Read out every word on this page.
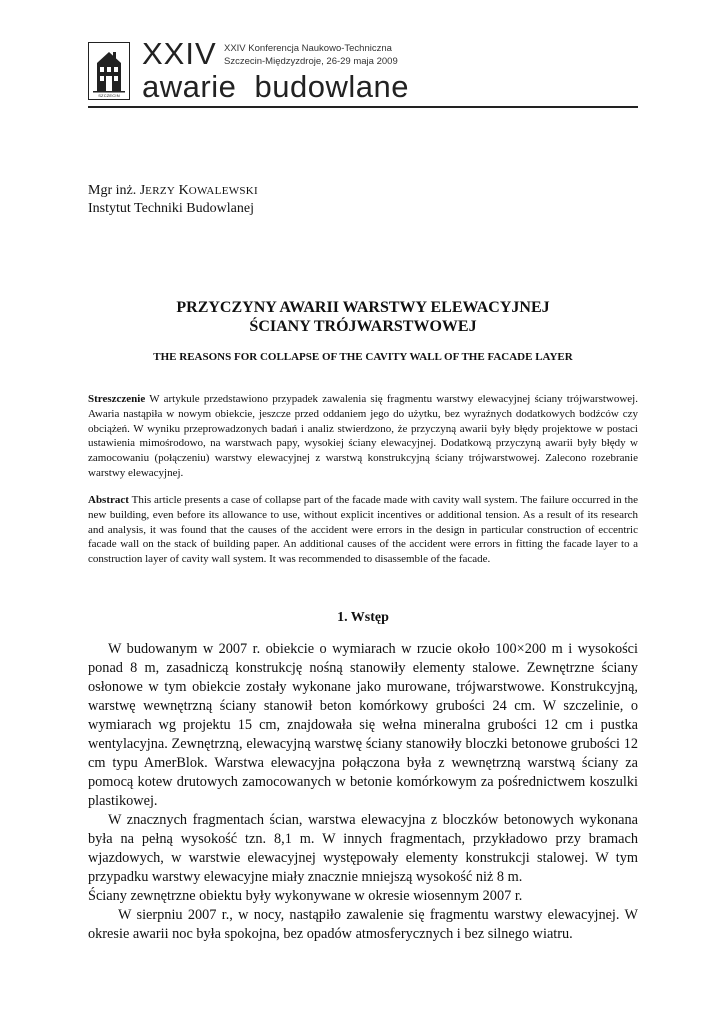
SZCZECIN
XXIV XXIV Konferencja Naukowo-Techniczna
Szczecin-Międzyzdroje, 26-29 maja 2009
awarie  budowlane
Mgr inż. JERZY KOWALEWSKI
Instytut Techniki Budowlanej
PRZYCZYNY AWARII WARSTWY ELEWACYJNEJ
ŚCIANY TRÓJWARSTWOWEJ
THE REASONS FOR COLLAPSE OF THE CAVITY WALL OF THE FACADE LAYER
Streszczenie W artykule przedstawiono przypadek zawalenia się fragmentu warstwy elewacyjnej ściany trójwarstwowej. Awaria nastąpiła w nowym obiekcie, jeszcze przed oddaniem jego do użytku, bez wyraźnych dodatkowych bodźców czy obciążeń. W wyniku przeprowadzonych badań i analiz stwierdzono, że przyczyną awarii były błędy projektowe w postaci ustawienia mimośrodowo, na warstwach papy, wysokiej ściany elewacyjnej. Dodatkową przyczyną awarii były błędy w zamocowaniu (połączeniu) warstwy elewacyjnej z warstwą konstrukcyjną ściany trójwarstwowej. Zalecono rozebranie warstwy elewacyjnej.
Abstract This article presents a case of collapse part of the facade made with cavity wall system. The failure occurred in the new building, even before its allowance to use, without explicit incentives or additional tension. As a result of its research and analysis, it was found that the causes of the accident were errors in the design in particular construction of eccentric facade wall on the stack of building paper. An additional causes of the accident were errors in fitting the facade layer to a construction layer of cavity wall system. It was recommended to disassemble of the facade.
1. Wstęp

W budowanym w 2007 r. obiekcie o wymiarach w rzucie około 100×200 m i wysokości ponad 8 m, zasadniczą konstrukcję nośną stanowiły elementy stalowe. Zewnętrzne ściany osłonowe w tym obiekcie zostały wykonane jako murowane, trójwarstwowe. Konstrukcyjną, warstwę wewnętrzną ściany stanowił beton komórkowy grubości 24 cm. W szczelinie, o wymiarach wg projektu 15 cm, znajdowała się wełna mineralna grubości 12 cm i pustka wentylacyjna. Zewnętrzną, elewacyjną warstwę ściany stanowiły bloczki betonowe grubości 12 cm typu AmerBlok. Warstwa elewacyjna połączona była z wewnętrzną warstwą ściany za pomocą kotew drutowych zamocowanych w betonie komórkowym za pośrednictwem koszulki plastikowej.

W znacznych fragmentach ścian, warstwa elewacyjna z bloczków betonowych wykonana była na pełną wysokość tzn. 8,1 m. W innych fragmentach, przykładowo przy bramach wjazdowych, w warstwie elewacyjnej występowały elementy konstrukcji stalowej. W tym przypadku warstwy elewacyjne miały znacznie mniejszą wysokość niż 8 m.

Ściany zewnętrzne obiektu były wykonywane w okresie wiosennym 2007 r.

W sierpniu 2007 r., w nocy, nastąpiło zawalenie się fragmentu warstwy elewacyjnej. W okresie awarii noc była spokojna, bez opadów atmosferycznych i bez silnego wiatru.
